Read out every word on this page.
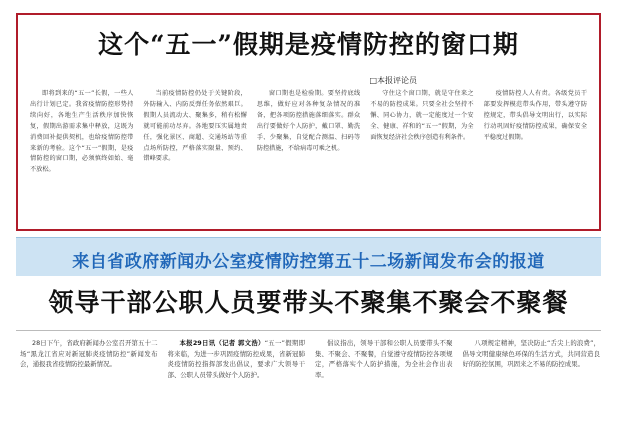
这个“五一”假期是疫情防控的窗口期
□本报评论员
即将到来的“五一”长假，一些人出行计划已定。我省疫情防控形势持续向好，各地生产生活秩序加快恢复，假期出游需求集中释放，这既为消费回补提供契机，也给疫情防控带来新的考验。这个“五一”假期，是疫情防控的窗口期，必须慎终如始、毫不放松。
当前疫情防控仍处于关键阶段，外防输入、内防反弹任务依然艰巨。假期人员流动大、聚集多，稍有松懈就可能前功尽弃。各地要压实属地责任，强化景区、商超、交通场站等重点场所防控，严格落实限量、预约、错峰要求。
窗口期也是检验期。要坚持底线思维，做好应对各种复杂情况的准备，把各项防控措施落细落实。群众出行要做好个人防护，戴口罩、勤洗手、少聚集，自觉配合测温、扫码等防控措施，不给病毒可乘之机。
守住这个窗口期，就是守住来之不易的防控成果。只要全社会坚持不懈、同心协力，就一定能度过一个安全、健康、祥和的“五一”假期，为全面恢复经济社会秩序创造有利条件。
疫情防控人人有责。各级党员干部要发挥模范带头作用，带头遵守防控规定，带头倡导文明出行，以实际行动巩固好疫情防控成果，确保安全平稳度过假期。
来自省政府新闻办公室疫情防控第五十二场新闻发布会的报道
领导干部公职人员要带头不聚集不聚会不聚餐
28日下午，省政府新闻办公室召开第五十二场“黑龙江省应对新冠肺炎疫情防控”新闻发布会，通报我省疫情防控最新情况。
本报29日讯（记者 郭文浩）“五一”假期即将来临，为进一步巩固疫情防控成果，省新冠肺炎疫情防控指挥部发出倡议，要求广大领导干部、公职人员带头做好个人防护。
倡议指出，领导干部和公职人员要带头不聚集、不聚会、不聚餐，自觉遵守疫情防控各项规定，严格落实个人防护措施，为全社会作出表率。
八项规定精神，坚决防止“舌尖上的浪费”，倡导文明健康绿色环保的生活方式，共同营造良好的防控氛围，巩固来之不易的防控成果。
